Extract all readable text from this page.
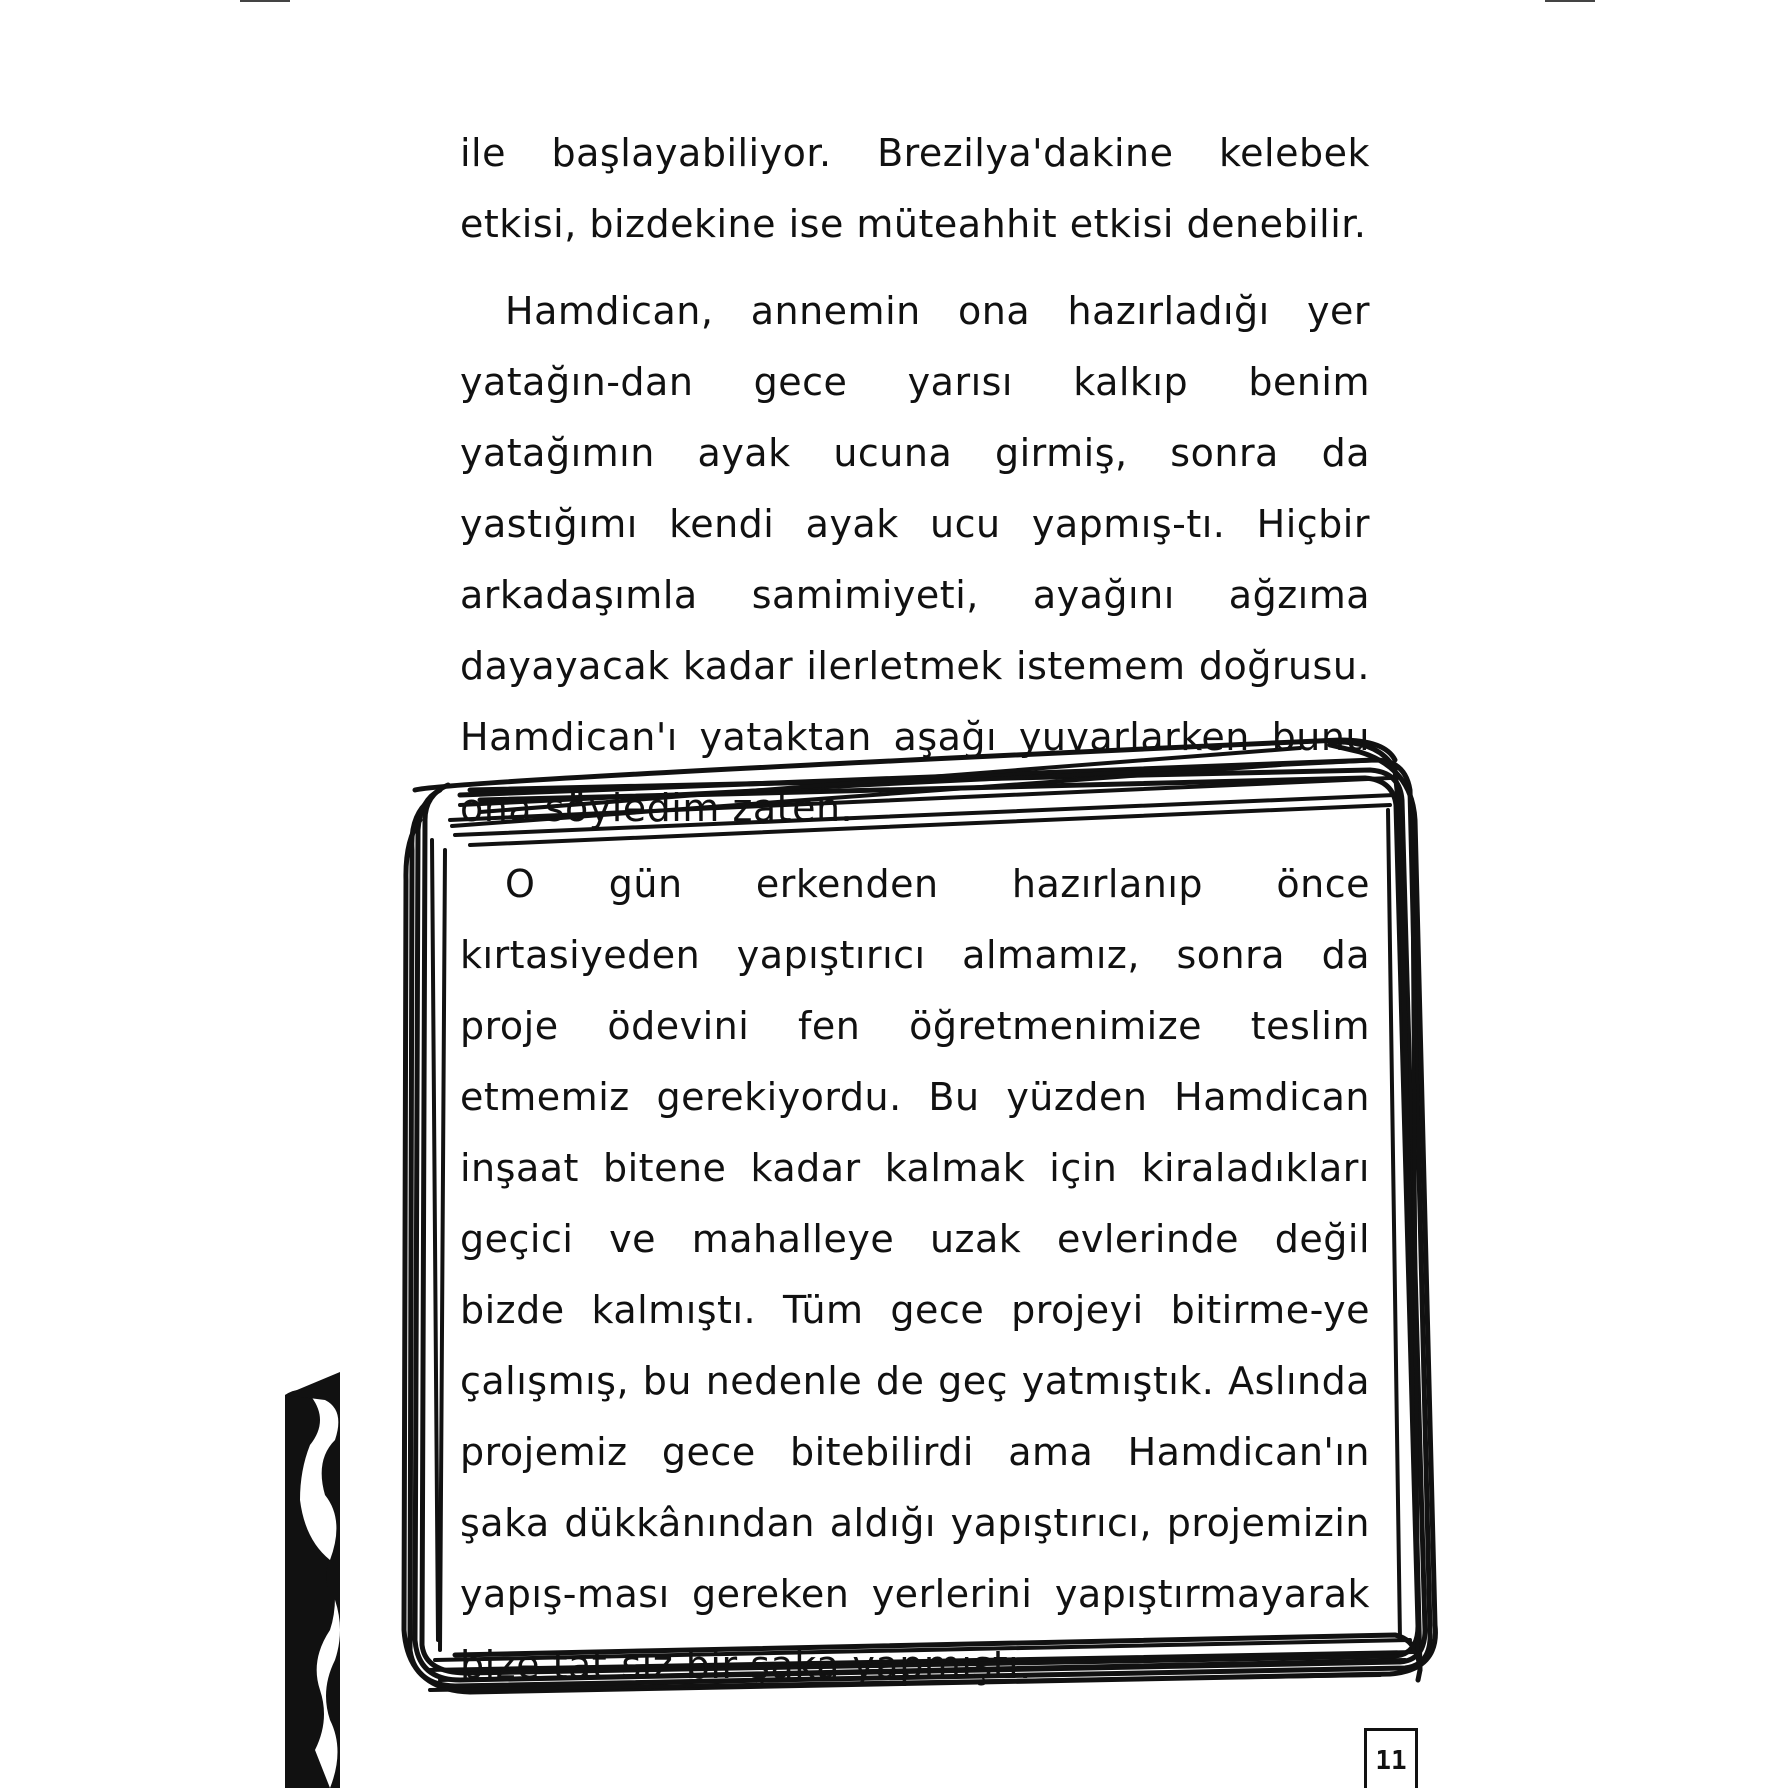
ile başlayabiliyor. Brezilya'dakine kelebek etkisi, bizdekine ise müteahhit etkisi denebilir.

Hamdican, annemin ona hazırladığı yer yatağın-dan gece yarısı kalkıp benim yatağımın ayak ucuna girmiş, sonra da yastığımı kendi ayak ucu yapmış-tı. Hiçbir arkadaşımla samimiyeti, ayağını ağzıma dayayacak kadar ilerletmek istemem doğrusu. Hamdican'ı yataktan aşağı yuvarlarken bunu ona söyledim zaten.

O gün erkenden hazırlanıp önce kırtasiyeden yapıştırıcı almamız, sonra da proje ödevini fen öğretmenimize teslim etmemiz gerekiyordu. Bu yüzden Hamdican inşaat bitene kadar kalmak için kiraladıkları geçici ve mahalleye uzak evlerinde değil bizde kalmıştı. Tüm gece projeyi bitirme-ye çalışmış, bu nedenle de geç yatmıştık. Aslında projemiz gece bitebilirdi ama Hamdican'ın şaka dükkânından aldığı yapıştırıcı, projemizin yapış-ması gereken yerlerini yapıştırmayarak bize tat-sız bir şaka yapmıştı.

11
